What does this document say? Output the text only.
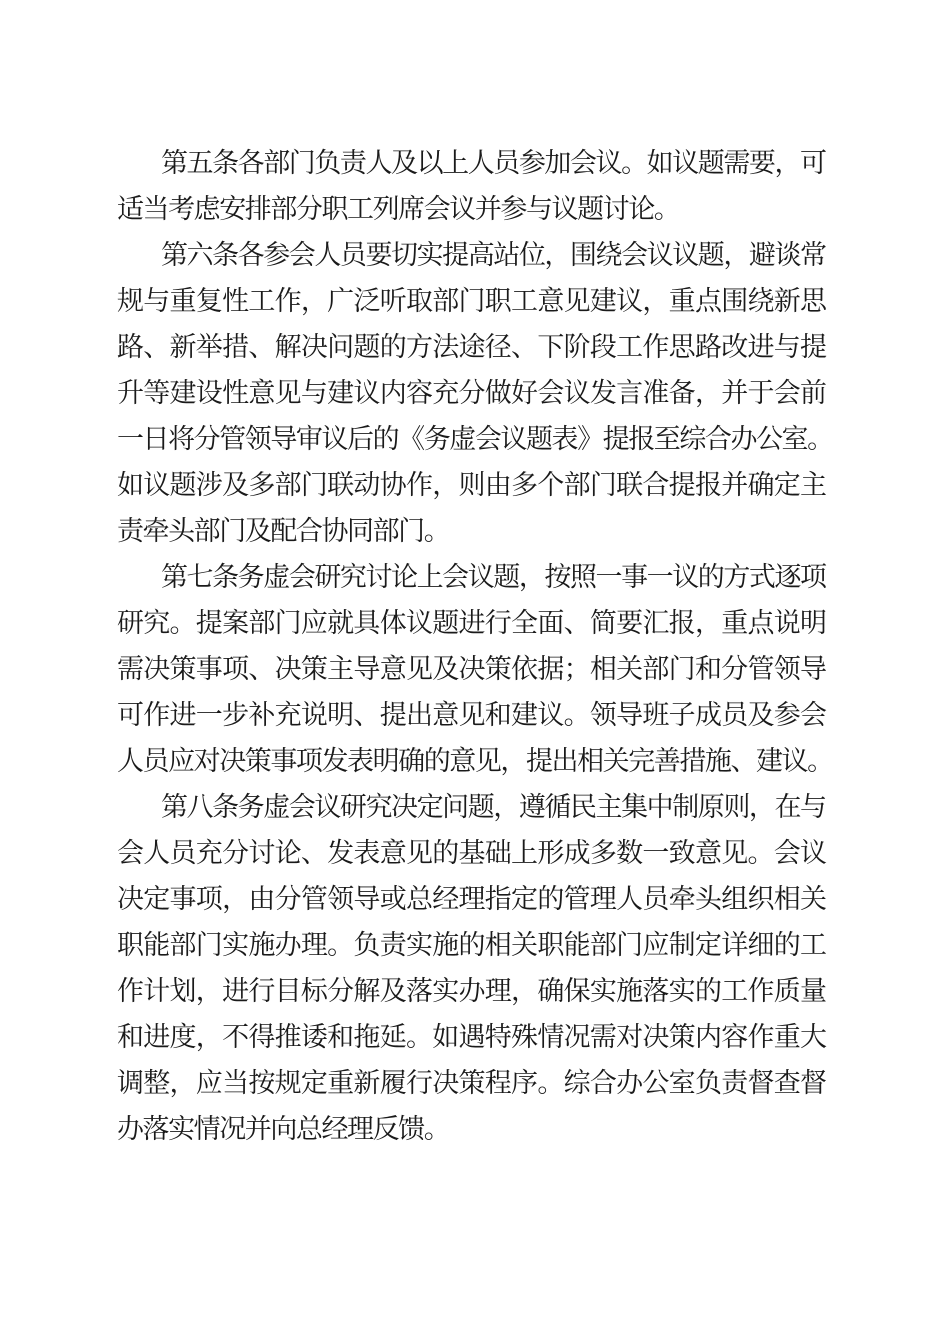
第五条各部门负责人及以上人员参加会议。如议题需要，可
适当考虑安排部分职工列席会议并参与议题讨论。
第六条各参会人员要切实提高站位，围绕会议议题，避谈常
规与重复性工作，广泛听取部门职工意见建议，重点围绕新思
路、新举措、解决问题的方法途径、下阶段工作思路改进与提
升等建设性意见与建议内容充分做好会议发言准备，并于会前
一日将分管领导审议后的《务虚会议题表》提报至综合办公室。
如议题涉及多部门联动协作，则由多个部门联合提报并确定主
责牵头部门及配合协同部门。
第七条务虚会研究讨论上会议题，按照一事一议的方式逐项
研究。提案部门应就具体议题进行全面、简要汇报，重点说明
需决策事项、决策主导意见及决策依据；相关部门和分管领导
可作进一步补充说明、提出意见和建议。领导班子成员及参会
人员应对决策事项发表明确的意见，提出相关完善措施、建议。
第八条务虚会议研究决定问题，遵循民主集中制原则，在与
会人员充分讨论、发表意见的基础上形成多数一致意见。会议
决定事项，由分管领导或总经理指定的管理人员牵头组织相关
职能部门实施办理。负责实施的相关职能部门应制定详细的工
作计划，进行目标分解及落实办理，确保实施落实的工作质量
和进度，不得推诿和拖延。如遇特殊情况需对决策内容作重大
调整，应当按规定重新履行决策程序。综合办公室负责督查督
办落实情况并向总经理反馈。
